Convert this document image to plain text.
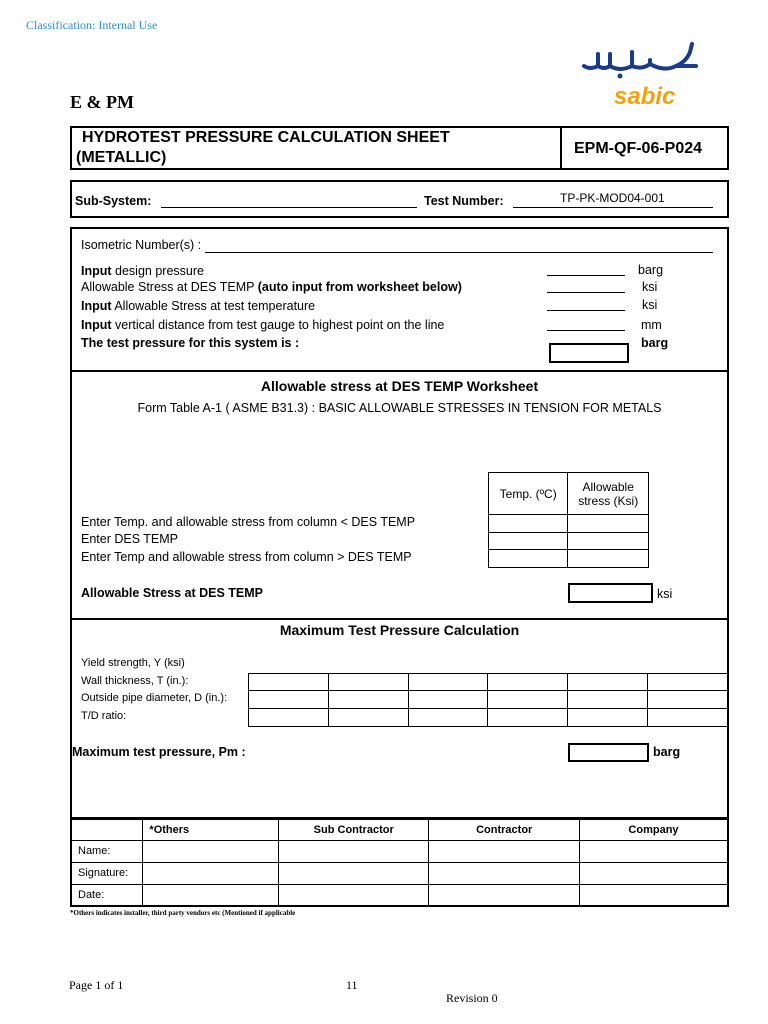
Classification: Internal Use
sabic
E & PM
HYDROTEST PRESSURE CALCULATION SHEET
(METALLIC)
EPM-QF-06-P024
Sub-System:	Test Number:	TP-PK-MOD04-001
Isometric Number(s) :
Input design pressure	barg
Allowable Stress at DES TEMP (auto input from worksheet below)	ksi
Input Allowable Stress at test temperature	ksi
Input vertical distance from test gauge to highest point on the line	mm
The test pressure for this system is :	barg
Allowable stress at DES TEMP Worksheet
Form Table A-1 ( ASME B31.3) : BASIC ALLOWABLE STRESSES IN TENSION FOR METALS
Temp. (ºC)	Allowable stress (Ksi)

Enter Temp. and allowable stress from column < DES TEMP
Enter DES TEMP
Enter Temp and allowable stress from column > DES TEMP
Allowable Stress at DES TEMP	ksi
Maximum Test Pressure Calculation
Yield strength, Y (ksi)
Wall thickness, T (in.):
Outside pipe diameter, D (in.):
T/D ratio:

Maximum test pressure, Pm :	barg
	*Others	Sub Contractor	Contractor	Company
Name:				
Signature:				
Date:				
*Others indicates installer, third party vendors etc (Mentioned if applicable
Page 1 of 1	11
Revision 0
